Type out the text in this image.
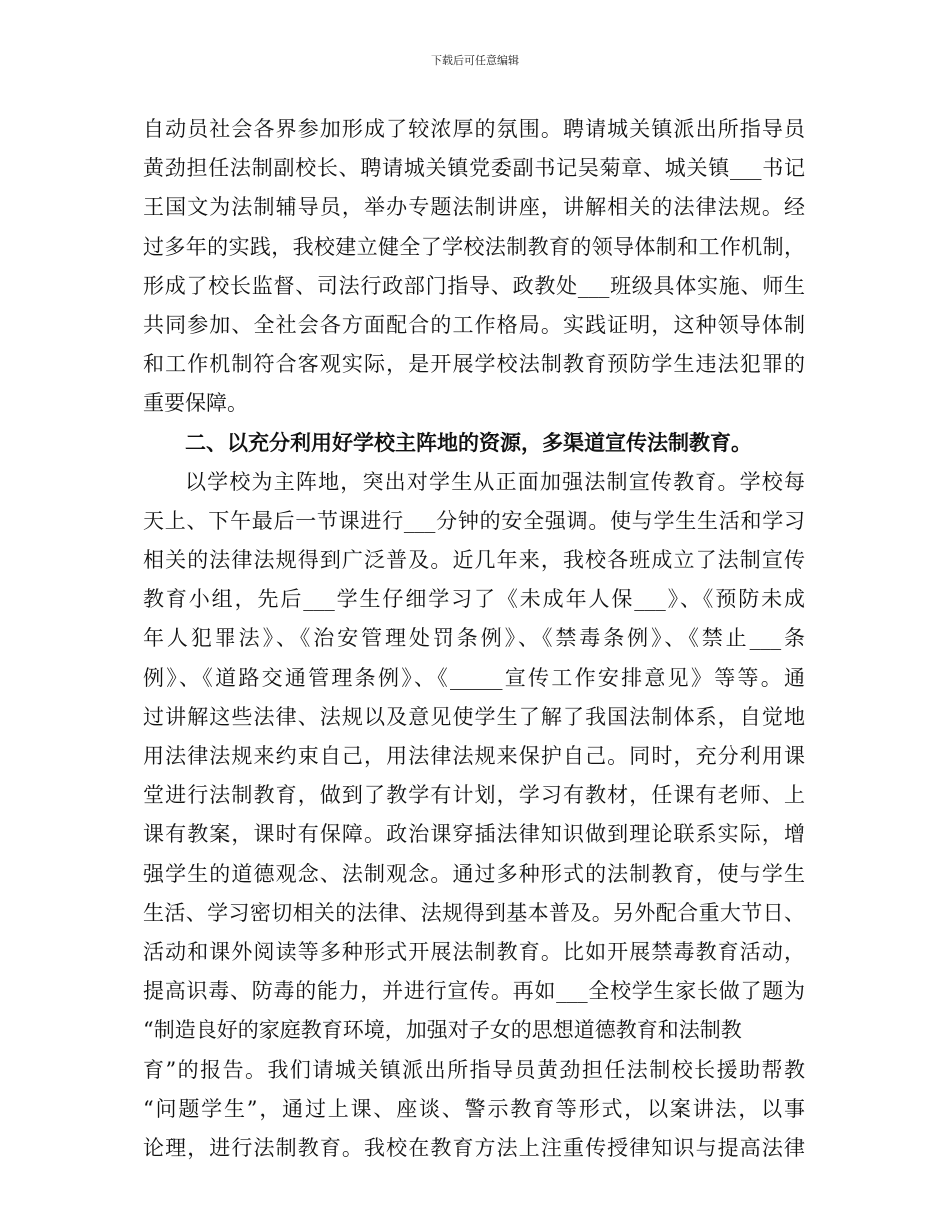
下载后可任意编辑
自动员社会各界参加形成了较浓厚的氛围。聘请城关镇派出所指导员
黄劲担任法制副校长、聘请城关镇党委副书记吴菊章、城关镇___书记
王国文为法制辅导员，举办专题法制讲座，讲解相关的法律法规。经
过多年的实践，我校建立健全了学校法制教育的领导体制和工作机制，
形成了校长监督、司法行政部门指导、政教处___班级具体实施、师生
共同参加、全社会各方面配合的工作格局。实践证明，这种领导体制
和工作机制符合客观实际，是开展学校法制教育预防学生违法犯罪的
重要保障。
二、以充分利用好学校主阵地的资源，多渠道宣传法制教育。
以学校为主阵地，突出对学生从正面加强法制宣传教育。学校每
天上、下午最后一节课进行___分钟的安全强调。使与学生生活和学习
相关的法律法规得到广泛普及。近几年来，我校各班成立了法制宣传
教育小组，先后___学生仔细学习了《未成年人保___》、《预防未成
年人犯罪法》、《治安管理处罚条例》、《禁毒条例》、《禁止___条
例》、《道路交通管理条例》、《_____宣传工作安排意见》等等。通
过讲解这些法律、法规以及意见使学生了解了我国法制体系，自觉地
用法律法规来约束自己，用法律法规来保护自己。同时，充分利用课
堂进行法制教育，做到了教学有计划，学习有教材，任课有老师、上
课有教案，课时有保障。政治课穿插法律知识做到理论联系实际，增
强学生的道德观念、法制观念。通过多种形式的法制教育，使与学生
生活、学习密切相关的法律、法规得到基本普及。另外配合重大节日、
活动和课外阅读等多种形式开展法制教育。比如开展禁毒教育活动，
提高识毒、防毒的能力，并进行宣传。再如___全校学生家长做了题为
“制造良好的家庭教育环境，加强对子女的思想道德教育和法制教
育”的报告。我们请城关镇派出所指导员黄劲担任法制校长援助帮教
“问题学生”，通过上课、座谈、警示教育等形式，以案讲法，以事
论理，进行法制教育。我校在教育方法上注重传授律知识与提高法律
